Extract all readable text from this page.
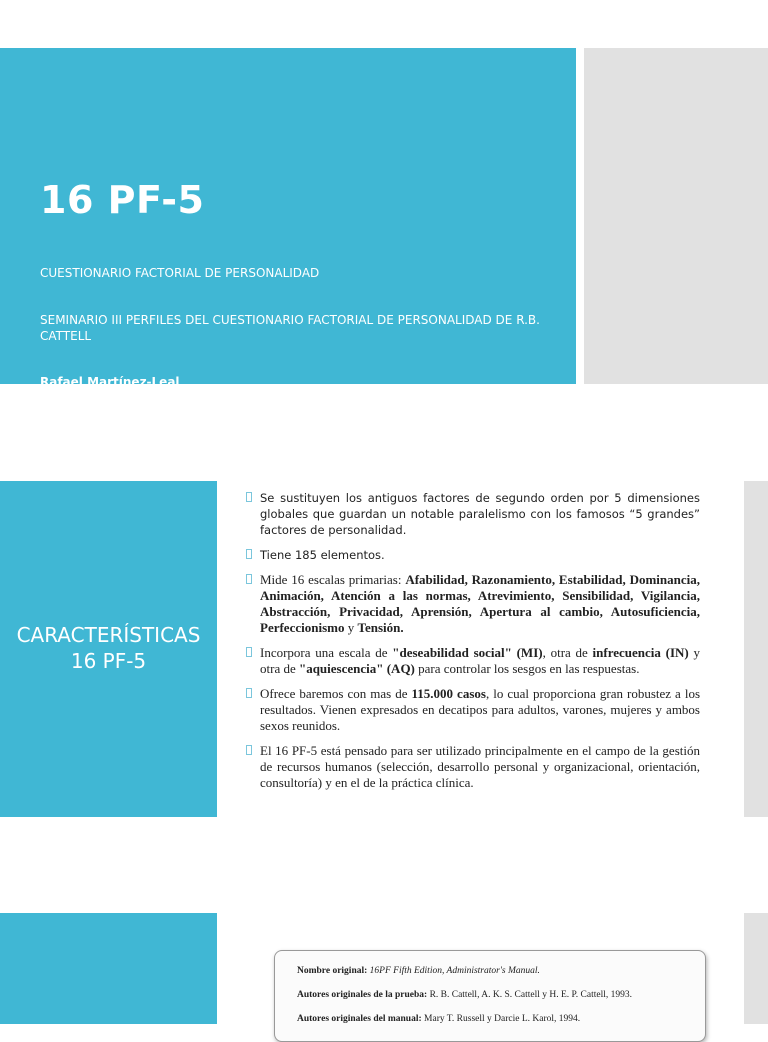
16 PF-5
CUESTIONARIO FACTORIAL DE PERSONALIDAD
SEMINARIO III PERFILES DEL CUESTIONARIO FACTORIAL DE PERSONALIDAD DE R.B. CATTELL
Rafael Martínez-Leal
CARACTERÍSTICAS
16 PF-5
Se sustituyen los antiguos factores de segundo orden por 5 dimensiones globales que guardan un notable paralelismo con los famosos “5 grandes” factores de personalidad.
Tiene 185 elementos.
Mide 16 escalas primarias: Afabilidad, Razonamiento, Estabilidad, Dominancia, Animación, Atención a las normas, Atrevimiento, Sensibilidad, Vigilancia, Abstracción, Privacidad, Aprensión, Apertura al cambio, Autosuficiencia, Perfeccionismo y Tensión.
Incorpora una escala de "deseabilidad social" (MI), otra de infrecuencia (IN) y otra de "aquiescencia" (AQ) para controlar los sesgos en las respuestas.
Ofrece baremos con mas de 115.000 casos, lo cual proporciona gran robustez a los resultados. Vienen expresados en decatipos para adultos, varones, mujeres y ambos sexos reunidos.
El 16 PF-5 está pensado para ser utilizado principalmente en el campo de la gestión de recursos humanos (selección, desarrollo personal y organizacional, orientación, consultoría) y en el de la práctica clínica.
Nombre original: 16PF Fifth Edition, Administrator's Manual.
Autores originales de la prueba: R. B. Cattell, A. K. S. Cattell y H. E. P. Cattell, 1993.
Autores originales del manual: Mary T. Russell y Darcie L. Karol, 1994.
